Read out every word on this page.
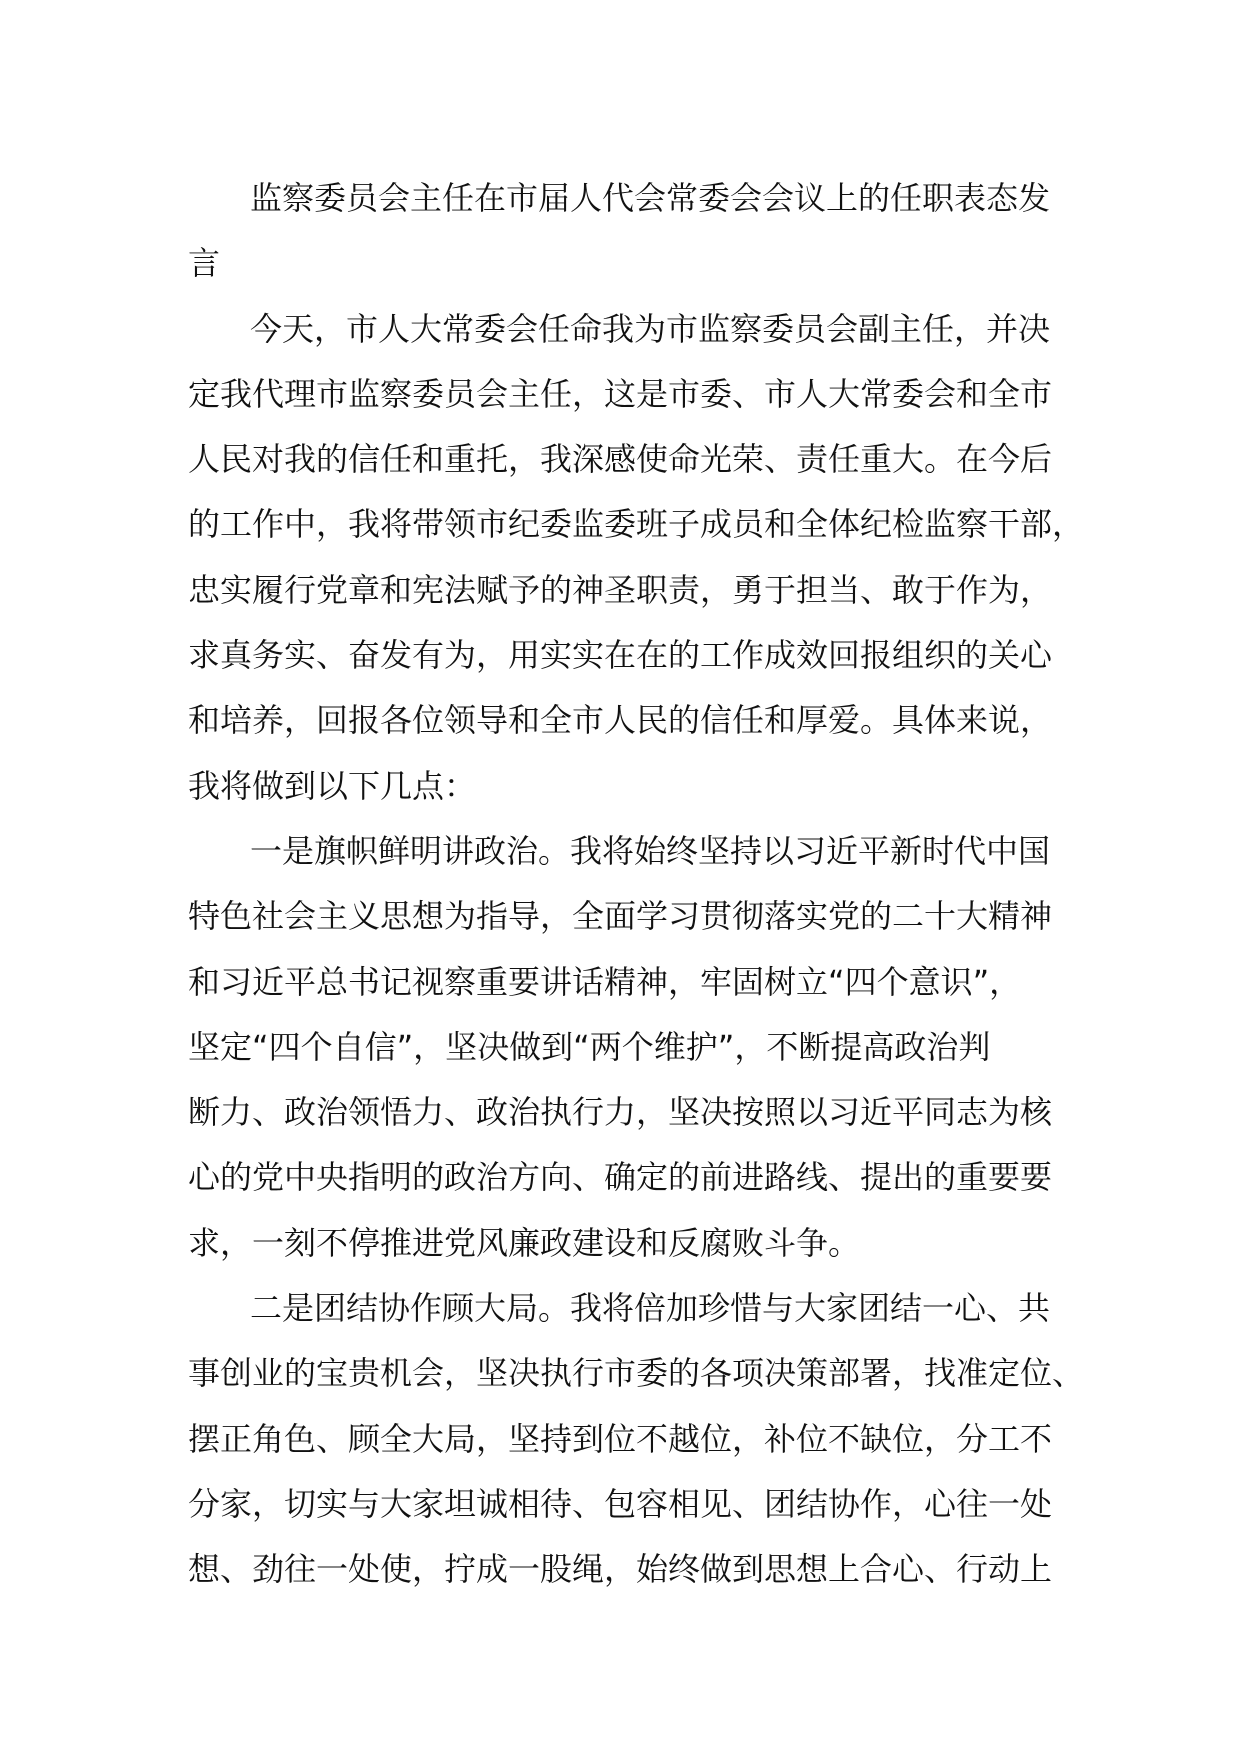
监察委员会主任在市届人代会常委会会议上的任职表态发
言
今天，市人大常委会任命我为市监察委员会副主任，并决
定我代理市监察委员会主任，这是市委、市人大常委会和全市
人民对我的信任和重托，我深感使命光荣、责任重大。在今后
的工作中，我将带领市纪委监委班子成员和全体纪检监察干部，
忠实履行党章和宪法赋予的神圣职责，勇于担当、敢于作为，
求真务实、奋发有为，用实实在在的工作成效回报组织的关心
和培养，回报各位领导和全市人民的信任和厚爱。具体来说，
我将做到以下几点：
一是旗帜鲜明讲政治。我将始终坚持以习近平新时代中国
特色社会主义思想为指导，全面学习贯彻落实党的二十大精神
和习近平总书记视察重要讲话精神，牢固树立“四个意识”，
坚定“四个自信”，坚决做到“两个维护”，不断提高政治判
断力、政治领悟力、政治执行力，坚决按照以习近平同志为核
心的党中央指明的政治方向、确定的前进路线、提出的重要要
求，一刻不停推进党风廉政建设和反腐败斗争。
二是团结协作顾大局。我将倍加珍惜与大家团结一心、共
事创业的宝贵机会，坚决执行市委的各项决策部署，找准定位、
摆正角色、顾全大局，坚持到位不越位，补位不缺位，分工不
分家，切实与大家坦诚相待、包容相见、团结协作，心往一处
想、劲往一处使，拧成一股绳，始终做到思想上合心、行动上
